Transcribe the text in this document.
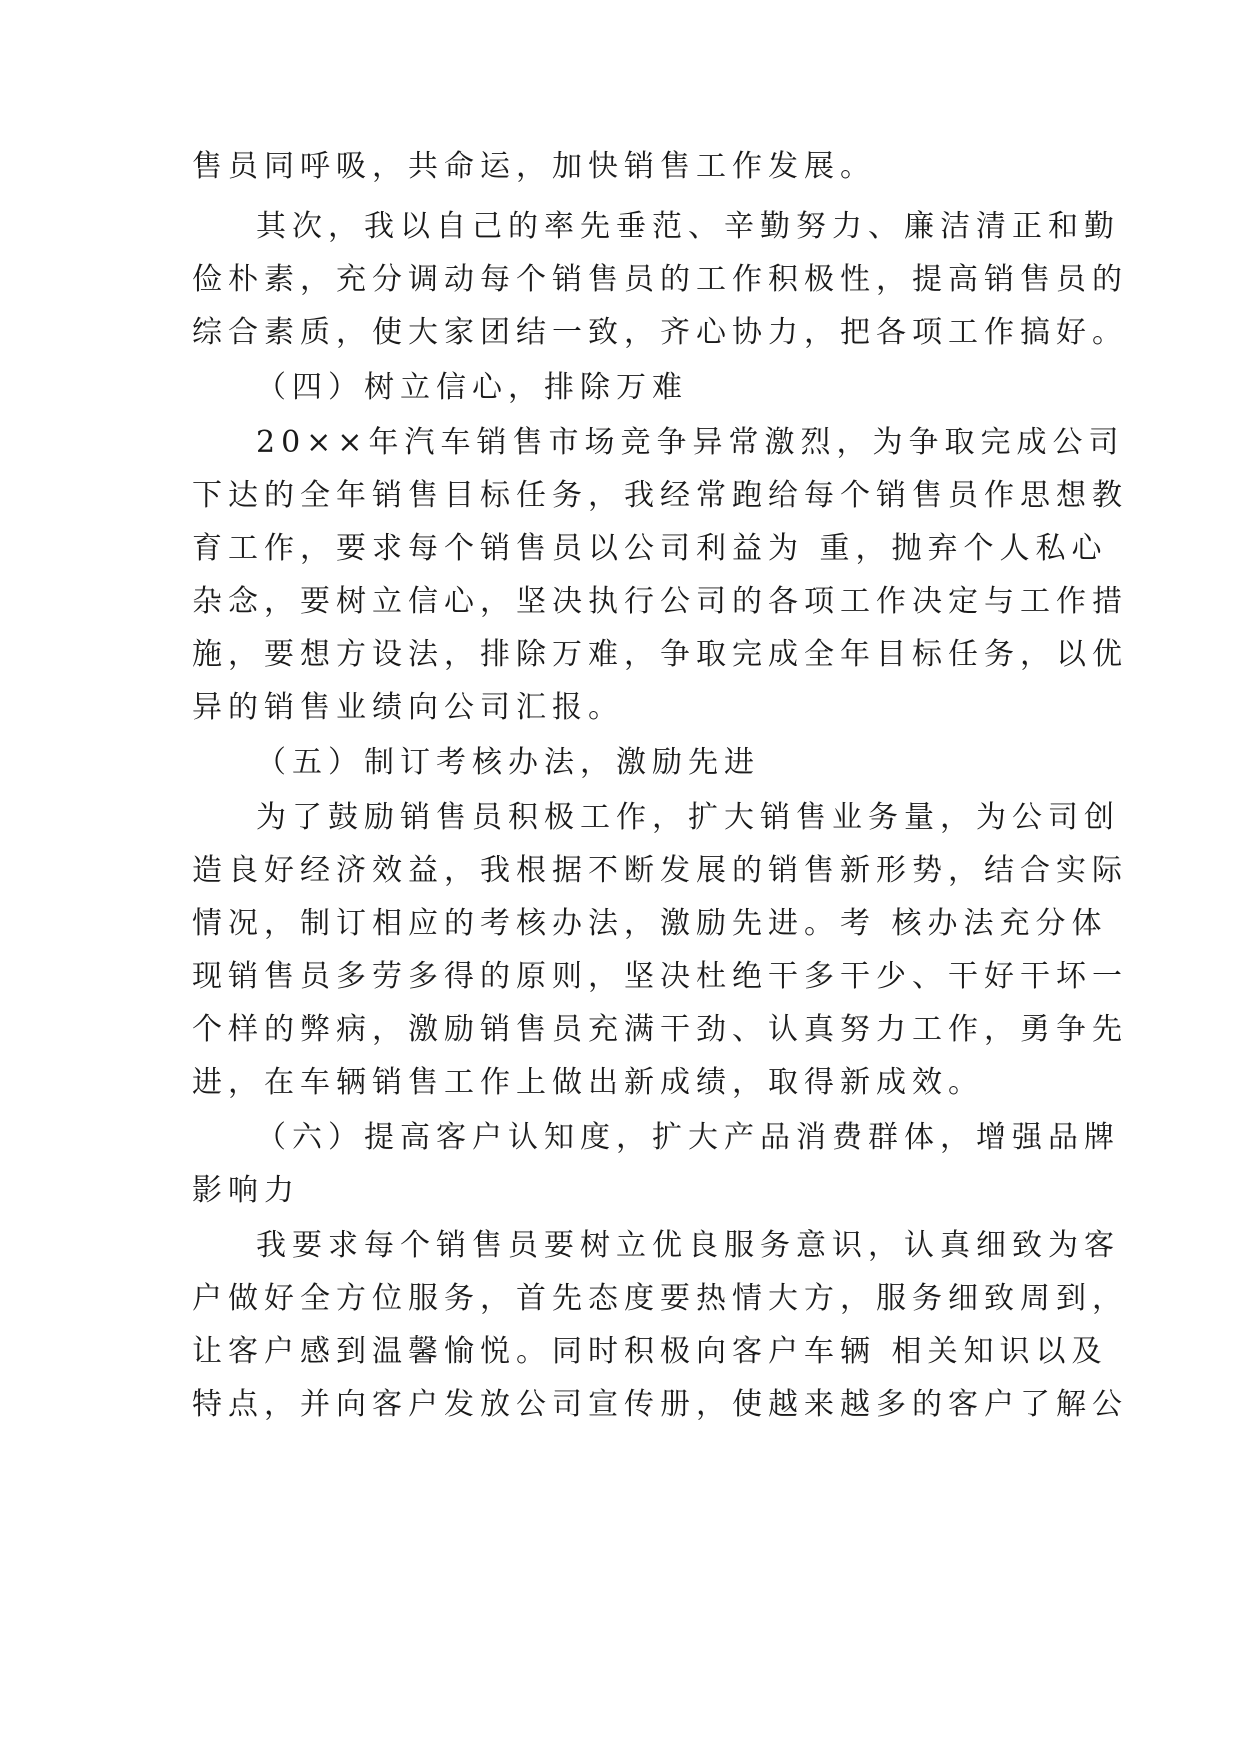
售员同呼吸，共命运，加快销售工作发展。
其次，我以自己的率先垂范、辛勤努力、廉洁清正和勤
俭朴素，充分调动每个销售员的工作积极性，提高销售员的
综合素质，使大家团结一致，齐心协力，把各项工作搞好。
（四）树立信心，排除万难
20××年汽车销售市场竞争异常激烈，为争取完成公司
下达的全年销售目标任务，我经常跑给每个销售员作思想教
育工作，要求每个销售员以公司利益为 重，抛弃个人私心
杂念，要树立信心，坚决执行公司的各项工作决定与工作措
施，要想方设法，排除万难，争取完成全年目标任务，以优
异的销售业绩向公司汇报。
（五）制订考核办法，激励先进
为了鼓励销售员积极工作，扩大销售业务量，为公司创
造良好经济效益，我根据不断发展的销售新形势，结合实际
情况，制订相应的考核办法，激励先进。考 核办法充分体
现销售员多劳多得的原则，坚决杜绝干多干少、干好干坏一
个样的弊病，激励销售员充满干劲、认真努力工作，勇争先
进，在车辆销售工作上做出新成绩，取得新成效。
（六）提高客户认知度，扩大产品消费群体，增强品牌
影响力
我要求每个销售员要树立优良服务意识，认真细致为客
户做好全方位服务，首先态度要热情大方，服务细致周到，
让客户感到温馨愉悦。同时积极向客户车辆 相关知识以及
特点，并向客户发放公司宣传册，使越来越多的客户了解公
